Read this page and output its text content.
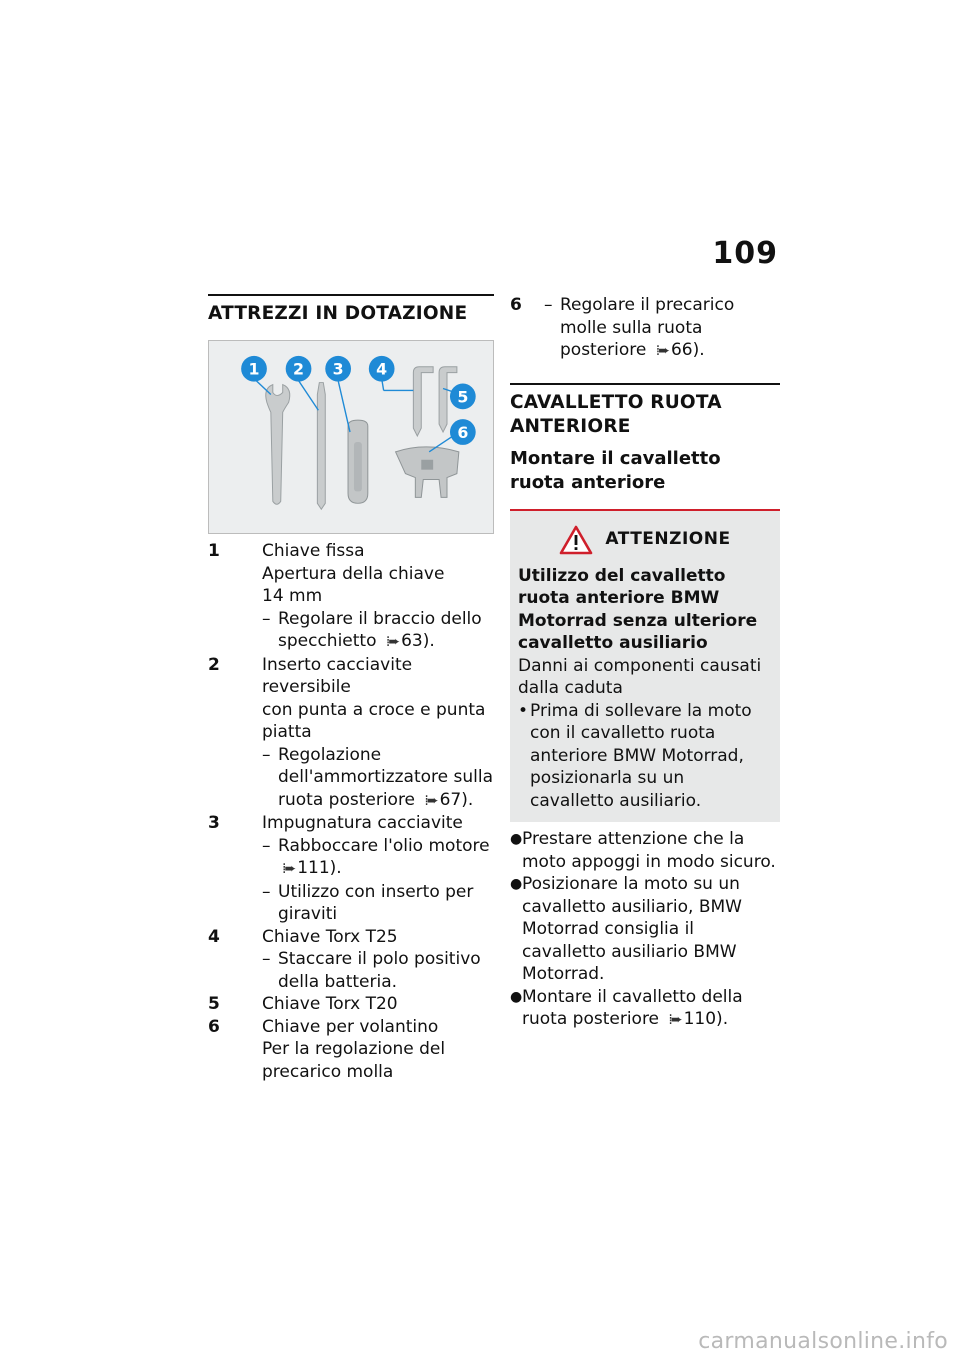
109
ATTREZZI IN DOTAZIONE
1 2 3 4
5
6
1	Chiave fissa
Apertura della chiave
14 mm
– Regolare il braccio dello specchietto ⁞➨ 63).
2	Inserto cacciavite reversibile
con punta a croce e punta piatta
– Regolazione dell'ammortizzatore sulla ruota posteriore ⁞➨ 67).
3	Impugnatura cacciavite
– Rabboccare l'olio motore ⁞➨ 111).
– Utilizzo con inserto per giraviti
4	Chiave Torx T25
– Staccare il polo positivo della batteria.
5	Chiave Torx T20
6	Chiave per volantino
Per la regolazione del precarico molla
6	– Regolare il precarico molle sulla ruota posteriore ⁞➨ 66).
CAVALLETTO RUOTA ANTERIORE
Montare il cavalletto ruota anteriore
ATTENZIONE
Utilizzo del cavalletto ruota anteriore BMW Motorrad senza ulteriore cavalletto ausiliario
Danni ai componenti causati dalla caduta
• Prima di sollevare la moto con il cavalletto ruota anteriore BMW Motorrad, posizionarla su un cavalletto ausiliario.
● Prestare attenzione che la moto appoggi in modo sicuro.
● Posizionare la moto su un cavalletto ausiliario, BMW Motorrad consiglia il cavalletto ausiliario BMW Motorrad.
● Montare il cavalletto della ruota posteriore ⁞➨ 110).
carmanualsonline.info
